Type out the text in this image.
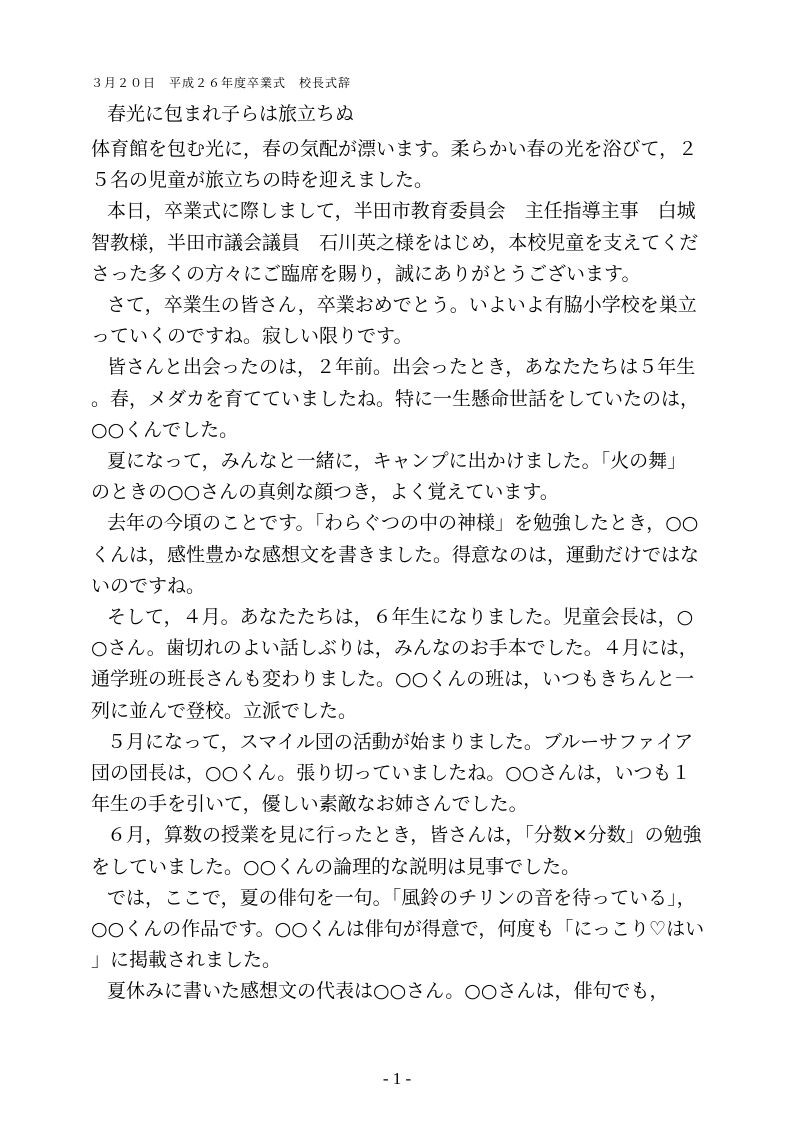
３月２０日　平成２６年度卒業式　校長式辞
春光に包まれ子らは旅立ちぬ

体育館を包む光に，春の気配が漂います。柔らかい春の光を浴びて，２５名の児童が旅立ちの時を迎えました。

本日，卒業式に際しまして，半田市教育委員会　主任指導主事　白城智教様，半田市議会議員　石川英之様をはじめ，本校児童を支えてくださった多くの方々にご臨席を賜り，誠にありがとうございます。

さて，卒業生の皆さん，卒業おめでとう。いよいよ有脇小学校を巣立っていくのですね。寂しい限りです。

皆さんと出会ったのは，２年前。出会ったとき，あなたたちは５年生。春，メダカを育てていましたね。特に一生懸命世話をしていたのは，○○くんでした。

夏になって，みんなと一緒に，キャンプに出かけました。「火の舞」のときの○○さんの真剣な顔つき，よく覚えています。

去年の今頃のことです。「わらぐつの中の神様」を勉強したとき，○○くんは，感性豊かな感想文を書きました。得意なのは，運動だけではないのですね。

そして，４月。あなたたちは，６年生になりました。児童会長は，○○さん。歯切れのよい話しぶりは，みんなのお手本でした。４月には，通学班の班長さんも変わりました。○○くんの班は，いつもきちんと一列に並んで登校。立派でした。

５月になって，スマイル団の活動が始まりました。ブルーサファイア団の団長は，○○くん。張り切っていましたね。○○さんは，いつも１年生の手を引いて，優しい素敵なお姉さんでした。

６月，算数の授業を見に行ったとき，皆さんは，「分数×分数」の勉強をしていました。○○くんの論理的な説明は見事でした。

では，ここで，夏の俳句を一句。「風鈴のチリンの音を待っている」，○○くんの作品です。○○くんは俳句が得意で，何度も「にっこり♡はい」に掲載されました。

夏休みに書いた感想文の代表は○○さん。○○さんは，俳句でも，

- 1 -
